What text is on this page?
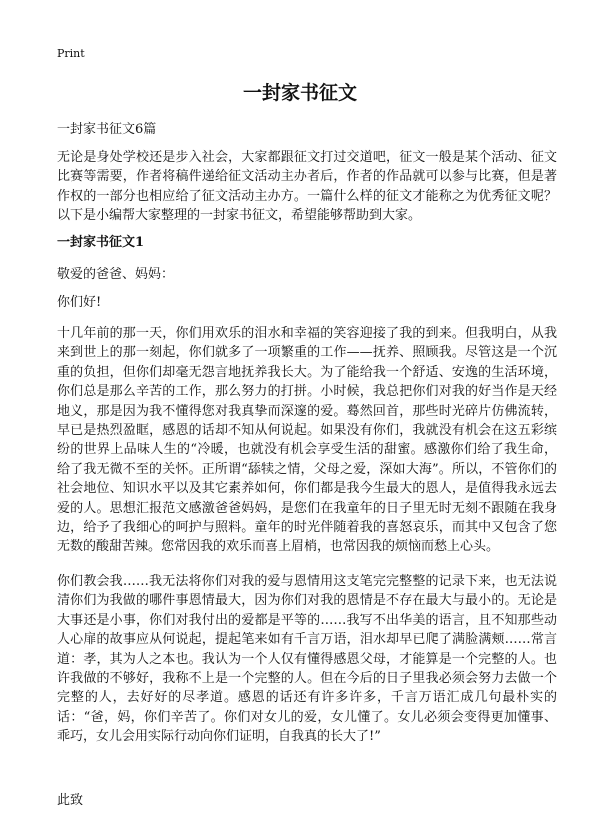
Print
一封家书征文
一封家书征文6篇

无论是身处学校还是步入社会，大家都跟征文打过交道吧，征文一般是某个活动、征文比赛等需要，作者将稿件递给征文活动主办者后，作者的作品就可以参与比赛，但是著作权的一部分也相应给了征文活动主办方。一篇什么样的征文才能称之为优秀征文呢？以下是小编帮大家整理的一封家书征文，希望能够帮助到大家。

一封家书征文1
敬爱的爸爸、妈妈：
你们好!

十几年前的那一天，你们用欢乐的泪水和幸福的笑容迎接了我的到来。但我明白，从我来到世上的那一刻起，你们就多了一项繁重的工作——抚养、照顾我。尽管这是一个沉重的负担，但你们却毫无怨言地抚养我长大。为了能给我一个舒适、安逸的生活环境，你们总是那么辛苦的工作，那么努力的打拼。小时候，我总把你们对我的好当作是天经地义，那是因为我不懂得您对我真挚而深邃的爱。蓦然回首，那些时光碎片仿佛流转，早已是热烈盈眶，感恩的话却不知从何说起。如果没有你们，我就没有机会在这五彩缤纷的世界上品味人生的“冷暖，也就没有机会享受生活的甜蜜。感激你们给了我生命，给了我无微不至的关怀。正所谓“舔犊之情，父母之爱，深如大海”。所以，不管你们的社会地位、知识水平以及其它素养如何，你们都是我今生最大的恩人，是值得我永远去爱的人。思想汇报范文感激爸爸妈妈，是您们在我童年的日子里无时无刻不跟随在我身边，给予了我细心的呵护与照料。童年的时光伴随着我的喜怒哀乐，而其中又包含了您无数的酸甜苦辣。您常因我的欢乐而喜上眉梢，也常因我的烦恼而愁上心头。

你们教会我……我无法将你们对我的爱与恩情用这支笔完完整整的记录下来，也无法说清你们为我做的哪件事恩情最大，因为你们对我的恩情是不存在最大与最小的。无论是大事还是小事，你们对我付出的爱都是平等的……我写不出华美的语言，且不知那些动人心扉的故事应从何说起，提起笔来如有千言万语，泪水却早已爬了满脸满颊……常言道：孝，其为人之本也。我认为一个人仅有懂得感恩父母，才能算是一个完整的人。也许我做的不够好，我称不上是一个完整的人。但在今后的日子里我必须会努力去做一个完整的人，去好好的尽孝道。感恩的话还有许多许多，千言万语汇成几句最朴实的话：“爸，妈，你们辛苦了。你们对女儿的爱，女儿懂了。女儿必须会变得更加懂事、乖巧，女儿会用实际行动向你们证明，自我真的长大了!”

此致
